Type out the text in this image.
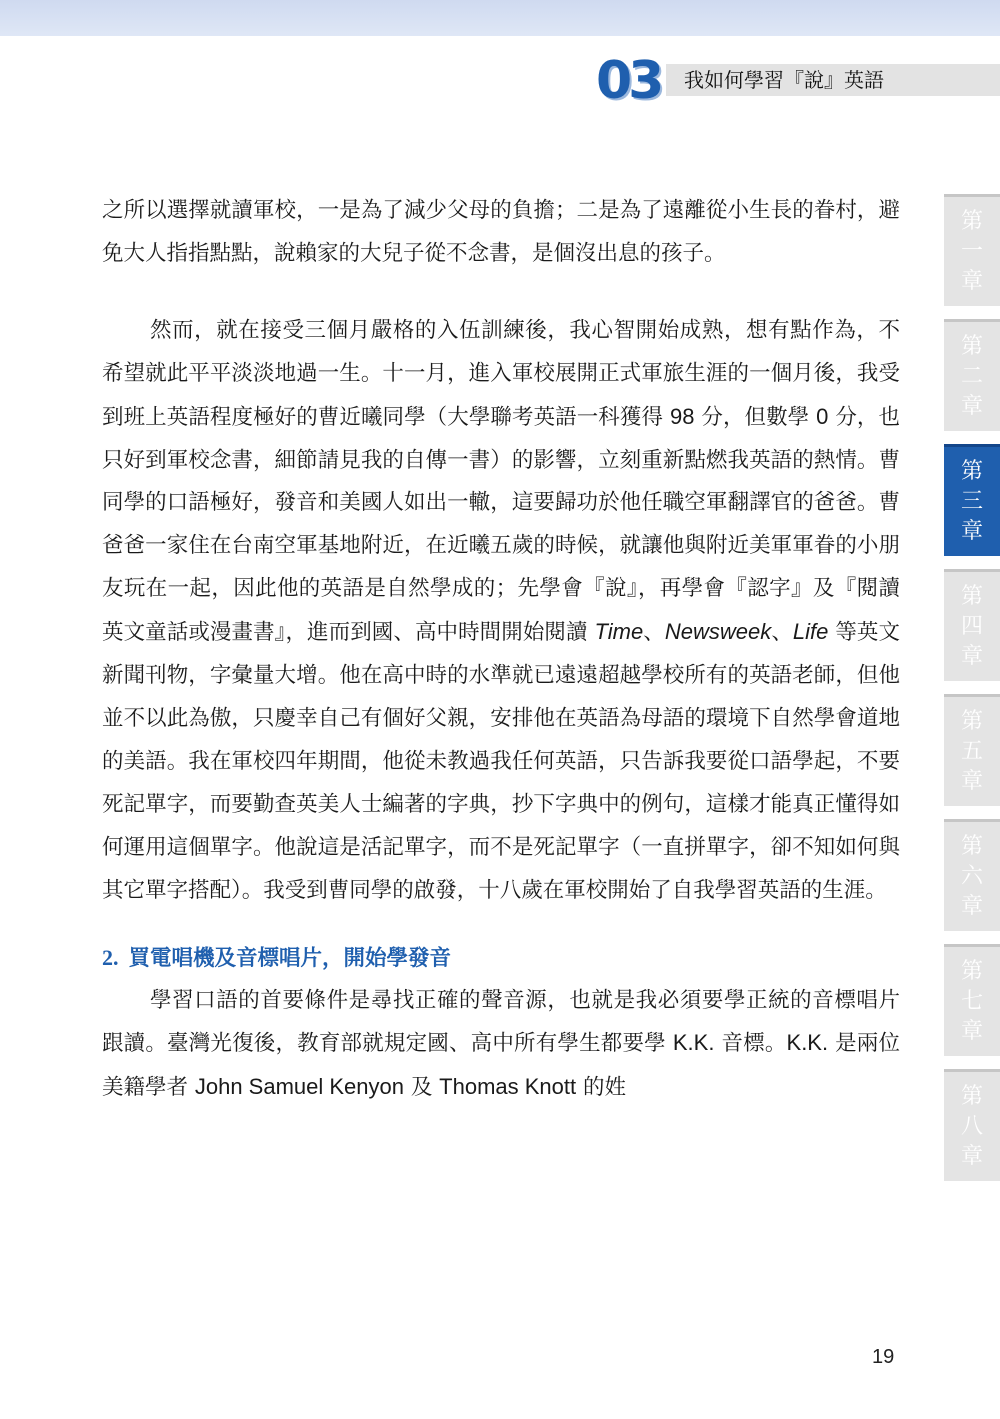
03 我如何學習『說』英語

之所以選擇就讀軍校，一是為了減少父母的負擔；二是為了遠離從小生長的眷村，避免大人指指點點，說賴家的大兒子從不念書，是個沒出息的孩子。

然而，就在接受三個月嚴格的入伍訓練後，我心智開始成熟，想有點作為，不希望就此平平淡淡地過一生。十一月，進入軍校展開正式軍旅生涯的一個月後，我受到班上英語程度極好的曹近曦同學（大學聯考英語一科獲得 98 分，但數學 0 分，也只好到軍校念書，細節請見我的自傳一書）的影響，立刻重新點燃我英語的熱情。曹同學的口語極好，發音和美國人如出一轍，這要歸功於他任職空軍翻譯官的爸爸。曹爸爸一家住在台南空軍基地附近，在近曦五歲的時候，就讓他與附近美軍軍眷的小朋友玩在一起，因此他的英語是自然學成的；先學會『說』，再學會『認字』及『閱讀英文童話或漫畫書』，進而到國、高中時間開始閱讀 Time、Newsweek、Life 等英文新聞刊物，字彙量大增。他在高中時的水準就已遠遠超越學校所有的英語老師，但他並不以此為傲，只慶幸自己有個好父親，安排他在英語為母語的環境下自然學會道地的美語。我在軍校四年期間，他從未教過我任何英語，只告訴我要從口語學起，不要死記單字，而要勤查英美人士編著的字典，抄下字典中的例句，這樣才能真正懂得如何運用這個單字。他說這是活記單字，而不是死記單字（一直拼單字，卻不知如何與其它單字搭配）。我受到曹同學的啟發，十八歲在軍校開始了自我學習英語的生涯。

2. 買電唱機及音標唱片，開始學發音

學習口語的首要條件是尋找正確的聲音源，也就是我必須要學正統的音標唱片跟讀。臺灣光復後，教育部就規定國、高中所有學生都要學 K.K. 音標。K.K. 是兩位美籍學者 John Samuel Kenyon 及 Thomas Knott 的姓

第
一
章
第
二
章
第
三
章
第
四
章
第
五
章
第
六
章
第
七
章
第
八
章
19
